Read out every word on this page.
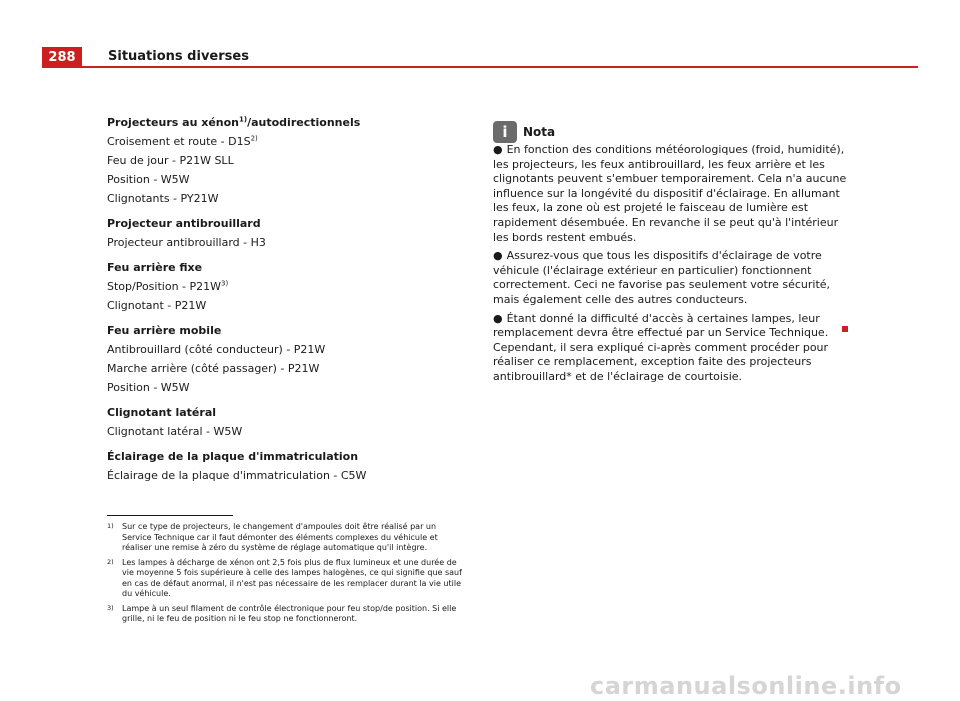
288	Situations diverses
Projecteurs au xénon$^{1)}$/autodirectionnels
Croisement et route - $D1S^{2)}$
Feu de jour - P21W SLL
Position - W5W
Clignotants - PY21W
Projecteur antibrouillard
Projecteur antibrouillard - H3
Feu arrière fixe
Stop/Position - $P21W^{3)}$
Clignotant - P21W
Feu arrière mobile
Antibrouillard (côté conducteur) - P21W
Marche arrière (côté passager) - P21W
Position - W5W
Clignotant latéral
Clignotant latéral - W5W
Éclairage de la plaque d'immatriculation
Éclairage de la plaque d'immatriculation - C5W
i	Nota

● En fonction des conditions météorologiques (froid, humidité), les projecteurs, les feux antibrouillard, les feux arrière et les clignotants peuvent s'embuer temporairement. Cela n'a aucune influence sur la longévité du dispositif d'éclairage. En allumant les feux, la zone où est projeté le faisceau de lumière est rapidement désembuée. En revanche il se peut qu'à l'intérieur les bords restent embués.

● Assurez-vous que tous les dispositifs d'éclairage de votre véhicule (l'éclairage extérieur en particulier) fonctionnent correctement. Ceci ne favorise pas seulement votre sécurité, mais également celle des autres conducteurs.

● Étant donné la difficulté d'accès à certaines lampes, leur remplacement devra être effectué par un Service Technique. Cependant, il sera expliqué ci-après comment procéder pour réaliser ce remplacement, exception faite des projecteurs antibrouillard* et de l'éclairage de courtoisie.

1)	Sur ce type de projecteurs, le changement d'ampoules doit être réalisé par un Service Technique car il faut démonter des éléments complexes du véhicule et réaliser une remise à zéro du système de réglage automatique qu'il intègre.
2)	Les lampes à décharge de xénon ont 2,5 fois plus de flux lumineux et une durée de vie moyenne 5 fois supérieure à celle des lampes halogènes, ce qui signifie que sauf en cas de défaut anormal, il n'est pas nécessaire de les remplacer durant la vie utile du véhicule.
3)	Lampe à un seul filament de contrôle électronique pour feu stop/de position. Si elle grille, ni le feu de position ni le feu stop ne fonctionneront.
carmanualsonline.info
